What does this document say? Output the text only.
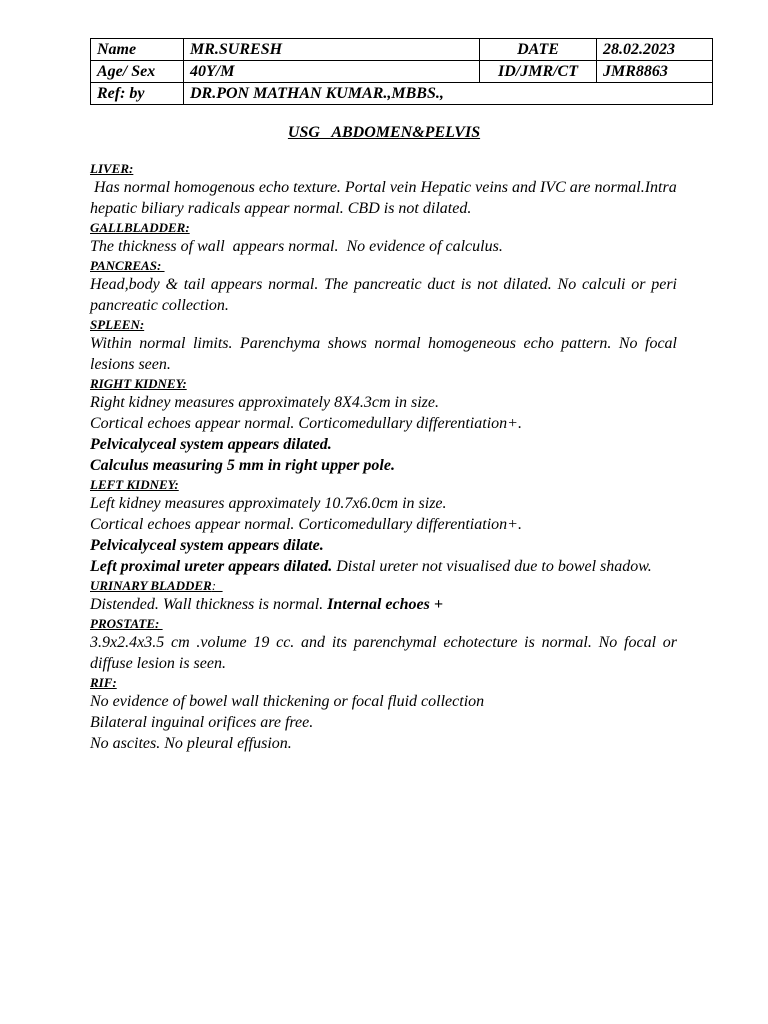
Name	MR.SURESH	DATE	28.02.2023
Age/ Sex	40Y/M	ID/JMR/CT	JMR8863
Ref: by	DR.PON MATHAN KUMAR.,MBBS.,		
USG   ABDOMEN&PELVIS
LIVER:
Has normal homogenous echo texture. Portal vein Hepatic veins and IVC are normal.Intra hepatic biliary radicals appear normal. CBD is not dilated.
GALLBLADDER:
The thickness of wall  appears normal.  No evidence of calculus.
PANCREAS:
Head,body & tail appears normal. The pancreatic duct is not dilated. No calculi or peri pancreatic collection.
SPLEEN:
Within normal limits. Parenchyma shows normal homogeneous echo pattern. No focal lesions seen.
RIGHT KIDNEY:
Right kidney measures approximately 8X4.3cm in size.
Cortical echoes appear normal. Corticomedullary differentiation+.
Pelvicalyceal system appears dilated.
Calculus measuring 5 mm in right upper pole.
LEFT KIDNEY:
Left kidney measures approximately 10.7x6.0cm in size.
Cortical echoes appear normal. Corticomedullary differentiation+.
Pelvicalyceal system appears dilate.
Left proximal ureter appears dilated. Distal ureter not visualised due to bowel shadow.
URINARY BLADDER:
Distended. Wall thickness is normal. Internal echoes +
PROSTATE:
3.9x2.4x3.5 cm .volume 19 cc. and its parenchymal echotecture is normal. No focal or diffuse lesion is seen.
RIF:
No evidence of bowel wall thickening or focal fluid collection
Bilateral inguinal orifices are free.
No ascites. No pleural effusion.
